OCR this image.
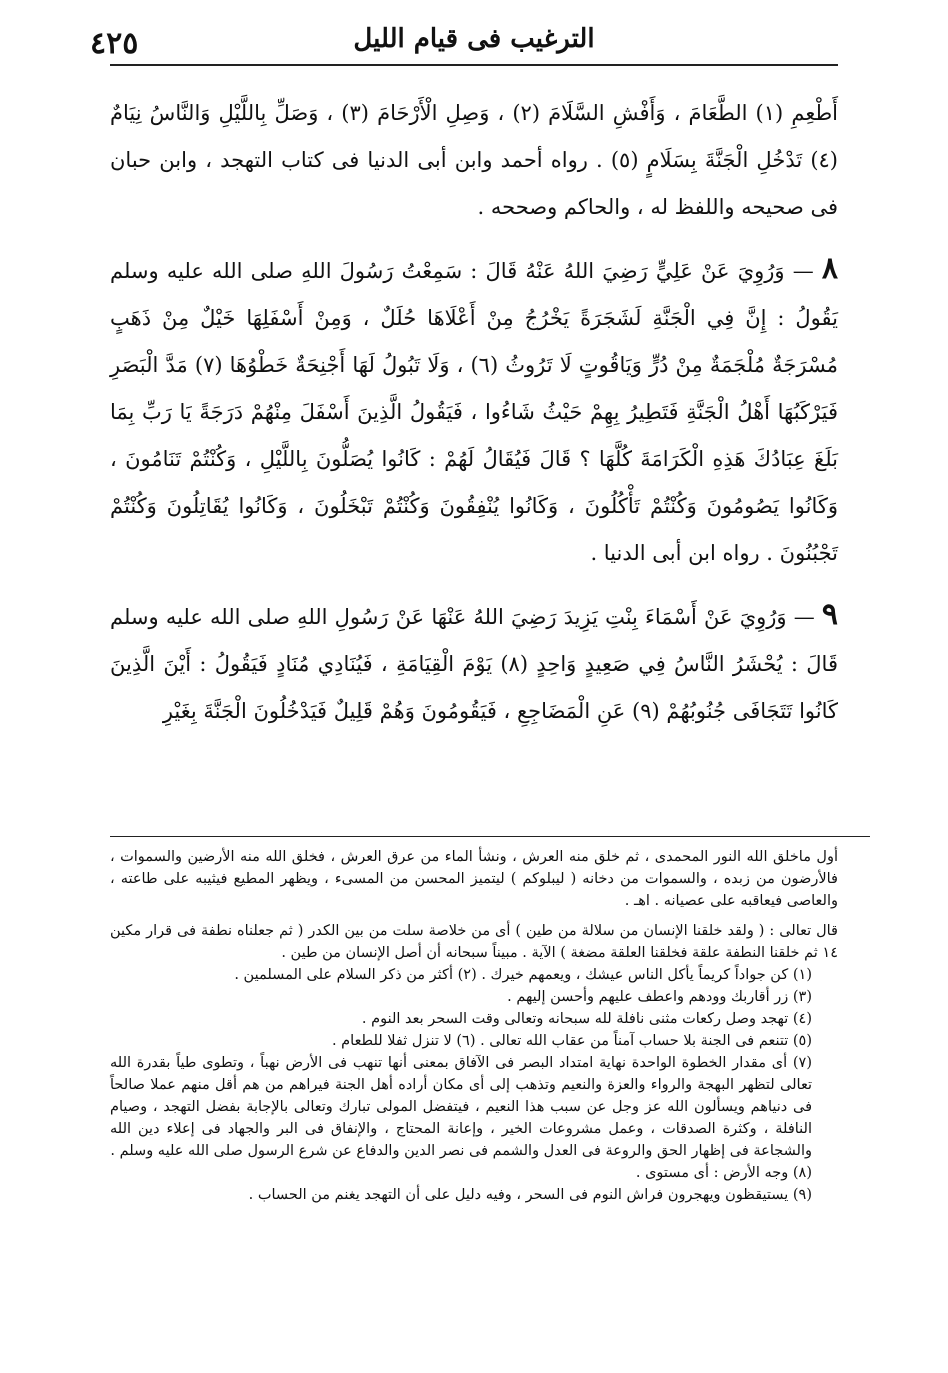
٤٢٥	الترغيب فى قيام الليل

أَطْعِمِ (١) الطَّعَامَ ، وَأَفْشِ السَّلَامَ (٢) ، وَصِلِ الْأَرْحَامَ (٣) ، وَصَلِّ بِاللَّيْلِ وَالنَّاسُ نِيَامٌ (٤) تَدْخُلِ الْجَنَّةَ بِسَلَامٍ (٥) . رواه أحمد وابن أبى الدنيا فى كتاب التهجد ، وابن حبان فى صحيحه واللفظ له ، والحاكم وصححه .

٨ — وَرُوِيَ عَنْ عَلِيٍّ رَضِيَ اللهُ عَنْهُ قَالَ : سَمِعْتُ رَسُولَ اللهِ صلى الله عليه وسلم يَقُولُ : إِنَّ فِي الْجَنَّةِ لَشَجَرَةً يَخْرُجُ مِنْ أَعْلَاهَا حُلَلٌ ، وَمِنْ أَسْفَلِهَا خَيْلٌ مِنْ ذَهَبٍ مُسْرَجَةٌ مُلْجَمَةٌ مِنْ دُرٍّ وَيَاقُوتٍ لَا تَرُوثُ (٦) ، وَلَا تَبُولُ لَهَا أَجْنِحَةٌ خَطْوُهَا (٧) مَدَّ الْبَصَرِ فَيَرْكَبُهَا أَهْلُ الْجَنَّةِ فَتَطِيرُ بِهِمْ حَيْثُ شَاءُوا ، فَيَقُولُ الَّذِينَ أَسْفَلَ مِنْهُمْ دَرَجَةً يَا رَبِّ بِمَا بَلَغَ عِبَادُكَ هَذِهِ الْكَرَامَةَ كُلَّهَا ؟ قَالَ فَيُقَالُ لَهُمْ : كَانُوا يُصَلُّونَ بِاللَّيْلِ ، وَكُنْتُمْ تَنَامُونَ ، وَكَانُوا يَصُومُونَ وَكُنْتُمْ تَأْكُلُونَ ، وَكَانُوا يُنْفِقُونَ وَكُنْتُمْ تَبْخَلُونَ ، وَكَانُوا يُقَاتِلُونَ وَكُنْتُمْ تَجْبُنُونَ . رواه ابن أبى الدنيا .

٩ — وَرُوِيَ عَنْ أَسْمَاءَ بِنْتِ يَزِيدَ رَضِيَ اللهُ عَنْهَا عَنْ رَسُولِ اللهِ صلى الله عليه وسلم قَالَ : يُحْشَرُ النَّاسُ فِي صَعِيدٍ وَاحِدٍ (٨) يَوْمَ الْقِيَامَةِ ، فَيُنَادِي مُنَادٍ فَيَقُولُ : أَيْنَ الَّذِينَ كَانُوا تَتَجَافَى جُنُوبُهُمْ (٩) عَنِ الْمَضَاجِعِ ، فَيَقُومُونَ وَهُمْ قَلِيلٌ فَيَدْخُلُونَ الْجَنَّةَ بِغَيْرِ

أول ماخلق الله النور المحمدى ، ثم خلق منه العرش ، ونشأ الماء من عرق العرش ، فخلق الله منه الأرضين والسموات ، فالأرضون من زبده ، والسموات من دخانه ( ليبلوكم ) ليتميز المحسن من المسىء ، ويظهر المطيع فيثيبه على طاعته ، والعاصى فيعاقبه على عصيانه . اهـ .

قال تعالى : ( ولقد خلقنا الإنسان من سلالة من طين ) أى من خلاصة سلت من بين الكدر ( ثم جعلناه نطفة فى قرار مكين ١٤ ثم خلقنا النطفة علقة فخلقنا العلقة مضغة ) الآية . مبيناً سبحانه أن أصل الإنسان من طين .

(١) كن جواداً كريماً يأكل الناس عيشك ، ويعمهم خيرك . (٢) أكثر من ذكر السلام على المسلمين .

(٣) زر أقاربك وودهم واعطف عليهم وأحسن إليهم .

(٤) تهجد وصل ركعات مثنى نافلة لله سبحانه وتعالى وقت السحر بعد النوم .

(٥) تتنعم فى الجنة بلا حساب آمناً من عقاب الله تعالى . (٦) لا تنزل ثفلا للطعام .

(٧) أى مقدار الخطوة الواحدة نهاية امتداد البصر فى الآفاق بمعنى أنها تنهب فى الأرض نهباً ، وتطوى طياً بقدرة الله تعالى لتظهر البهجة والرواء والعزة والنعيم وتذهب إلى أى مكان أراده أهل الجنة فيراهم من هم أقل منهم عملا صالحاً فى دنياهم ويسألون الله عز وجل عن سبب هذا النعيم ، فيتفضل المولى تبارك وتعالى بالإجابة بفضل التهجد ، وصيام النافلة ، وكثرة الصدقات ، وعمل مشروعات الخير ، وإعانة المحتاج ، والإنفاق فى البر والجهاد فى إعلاء دين الله والشجاعة فى إظهار الحق والروعة فى العدل والشمم فى نصر الدين والدفاع عن شرع الرسول صلى الله عليه وسلم .

(٨) وجه الأرض : أى مستوى .

(٩) يستيقظون ويهجرون فراش النوم فى السحر ، وفيه دليل على أن التهجد يغنم من الحساب .
